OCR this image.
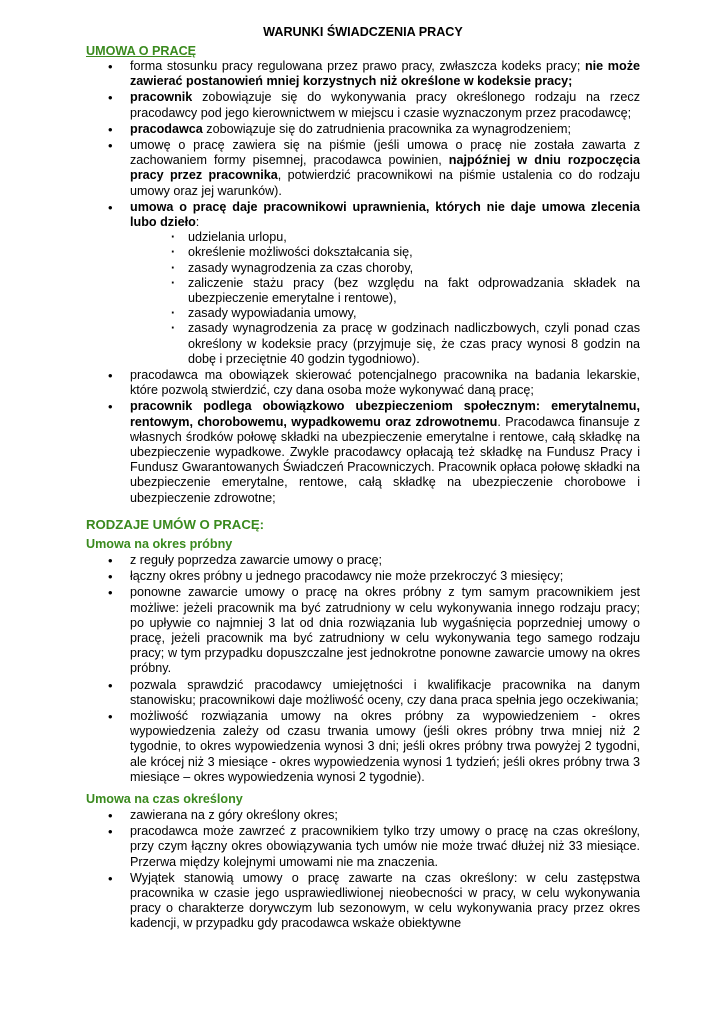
WARUNKI ŚWIADCZENIA PRACY
UMOWA O PRACĘ
• forma stosunku pracy regulowana przez prawo pracy, zwłaszcza kodeks pracy; nie może zawierać postanowień mniej korzystnych niż określone w kodeksie pracy;
• pracownik zobowiązuje się do wykonywania pracy określonego rodzaju na rzecz pracodawcy pod jego kierownictwem w miejscu i czasie wyznaczonym przez pracodawcę;
• pracodawca zobowiązuje się do zatrudnienia pracownika za wynagrodzeniem;
• umowę o pracę zawiera się na piśmie (jeśli umowa o pracę nie została zawarta z zachowaniem formy pisemnej, pracodawca powinien, najpóźniej w dniu rozpoczęcia pracy przez pracownika, potwierdzić pracownikowi na piśmie ustalenia co do rodzaju umowy oraz jej warunków).
• umowa o pracę daje pracownikowi uprawnienia, których nie daje umowa zlecenia lubo dzieło:
· udzielania urlopu,
· określenie możliwości dokształcania się,
· zasady wynagrodzenia za czas choroby,
· zaliczenie stażu pracy (bez względu na fakt odprowadzania składek na ubezpieczenie emerytalne i rentowe),
· zasady wypowiadania umowy,
· zasady wynagrodzenia za pracę w godzinach nadliczbowych, czyli ponad czas określony w kodeksie pracy (przyjmuje się, że czas pracy wynosi 8 godzin na dobę i przeciętnie 40 godzin tygodniowo).
• pracodawca ma obowiązek skierować potencjalnego pracownika na badania lekarskie, które pozwolą stwierdzić, czy dana osoba może wykonywać daną pracę;
• pracownik podlega obowiązkowo ubezpieczeniom społecznym: emerytalnemu, rentowym, chorobowemu, wypadkowemu oraz zdrowotnemu. Pracodawca finansuje z własnych środków połowę składki na ubezpieczenie emerytalne i rentowe, całą składkę na ubezpieczenie wypadkowe. Zwykle pracodawcy opłacają też składkę na Fundusz Pracy i Fundusz Gwarantowanych Świadczeń Pracowniczych. Pracownik opłaca połowę składki na ubezpieczenie emerytalne, rentowe, całą składkę na ubezpieczenie chorobowe i ubezpieczenie zdrowotne;
RODZAJE UMÓW O PRACĘ:
Umowa na okres próbny
• z reguły poprzedza zawarcie umowy o pracę;
• łączny okres próbny u jednego pracodawcy nie może przekroczyć 3 miesięcy;
• ponowne zawarcie umowy o pracę na okres próbny z tym samym pracownikiem jest możliwe: jeżeli pracownik ma być zatrudniony w celu wykonywania innego rodzaju pracy; po upływie co najmniej 3 lat od dnia rozwiązania lub wygaśnięcia poprzedniej umowy o pracę, jeżeli pracownik ma być zatrudniony w celu wykonywania tego samego rodzaju pracy; w tym przypadku dopuszczalne jest jednokrotne ponowne zawarcie umowy na okres próbny.
• pozwala sprawdzić pracodawcy umiejętności i kwalifikacje pracownika na danym stanowisku; pracownikowi daje możliwość oceny, czy dana praca spełnia jego oczekiwania;
• możliwość rozwiązania umowy na okres próbny za wypowiedzeniem - okres wypowiedzenia zależy od czasu trwania umowy (jeśli okres próbny trwa mniej niż 2 tygodnie, to okres wypowiedzenia wynosi 3 dni; jeśli okres próbny trwa powyżej 2 tygodni, ale krócej niż 3 miesiące - okres wypowiedzenia wynosi 1 tydzień; jeśli okres próbny trwa 3 miesiące – okres wypowiedzenia wynosi 2 tygodnie).
Umowa na czas określony
• zawierana na z góry określony okres;
• pracodawca może zawrzeć z pracownikiem tylko trzy umowy o pracę na czas określony, przy czym łączny okres obowiązywania tych umów nie może trwać dłużej niż 33 miesiące. Przerwa między kolejnymi umowami nie ma znaczenia.
• Wyjątek stanowią umowy o pracę zawarte na czas określony: w celu zastępstwa pracownika w czasie jego usprawiedliwionej nieobecności w pracy, w celu wykonywania pracy o charakterze dorywczym lub sezonowym, w celu wykonywania pracy przez okres kadencji, w przypadku gdy pracodawca wskaże obiektywne
